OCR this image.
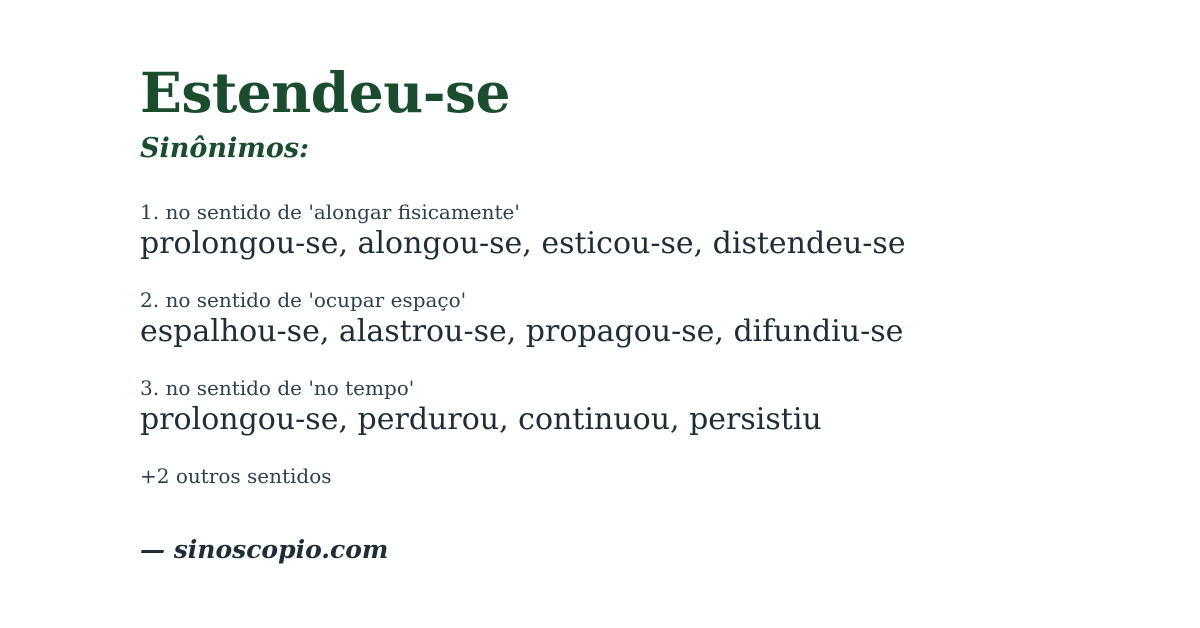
Estendeu-se
Sinônimos:
1. no sentido de 'alongar fisicamente'
prolongou-se, alongou-se, esticou-se, distendeu-se
2. no sentido de 'ocupar espaço'
espalhou-se, alastrou-se, propagou-se, difundiu-se
3. no sentido de 'no tempo'
prolongou-se, perdurou, continuou, persistiu
+2 outros sentidos
— sinoscopio.com
